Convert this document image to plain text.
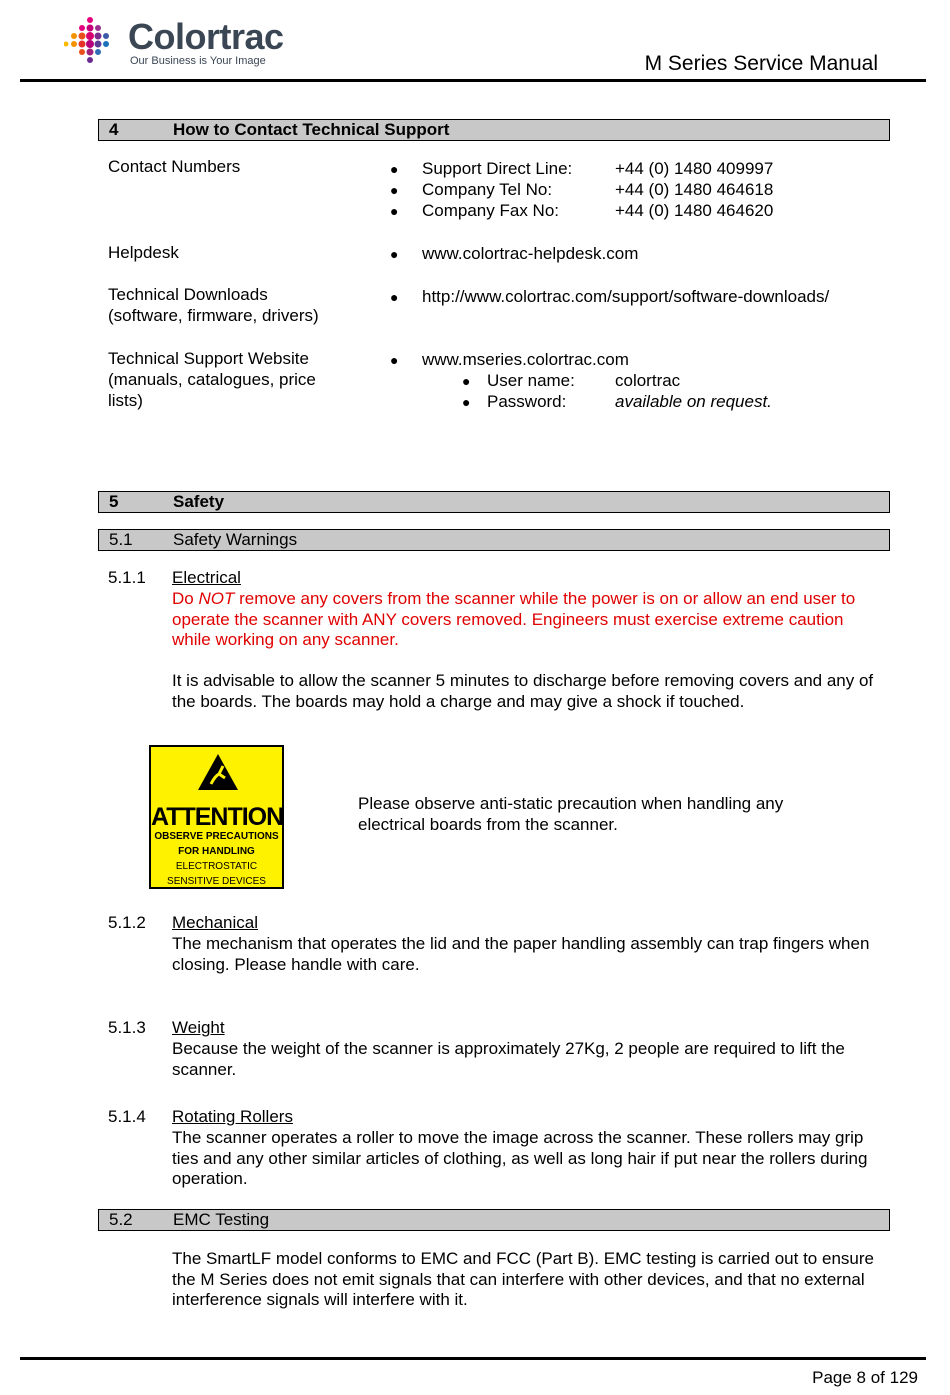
Colortrac
Our Business is Your Image	M Series Service Manual
4	How to Contact Technical Support
Contact Numbers	● Support Direct Line:	+44 (0) 1480 409997
● Company Tel No:	+44 (0) 1480 464618
● Company Fax No:	+44 (0) 1480 464620
Helpdesk	● www.colortrac-helpdesk.com
Technical Downloads
(software, firmware, drivers)
● http://www.colortrac.com/support/software-downloads/
Technical Support Website
(manuals, catalogues, price
lists)
● www.mseries.colortrac.com
● User name: colortrac
● Password:	available on request.
5	Safety
5.1 Safety Warnings
5.1.1 Electrical
Do NOT remove any covers from the scanner while the power is on or allow an end user to operate the scanner with ANY covers removed. Engineers must exercise extreme caution while working on any scanner.
It is advisable to allow the scanner 5 minutes to discharge before removing covers and any of the boards. The boards may hold a charge and may give a shock if touched.
ATTENTION
OBSERVE PRECAUTIONS
FOR HANDLING
ELECTROSTATIC
SENSITIVE DEVICES
Please observe anti-static precaution when handling any electrical boards from the scanner.
5.1.2 Mechanical
The mechanism that operates the lid and the paper handling assembly can trap fingers when closing. Please handle with care.
5.1.3 Weight
Because the weight of the scanner is approximately 27Kg, 2 people are required to lift the scanner.
5.1.4 Rotating Rollers
The scanner operates a roller to move the image across the scanner. These rollers may grip ties and any other similar articles of clothing, as well as long hair if put near the rollers during operation.
5.2 EMC Testing
The SmartLF model conforms to EMC and FCC (Part B). EMC testing is carried out to ensure the M Series does not emit signals that can interfere with other devices, and that no external interference signals will interfere with it.
Page 8 of 129
